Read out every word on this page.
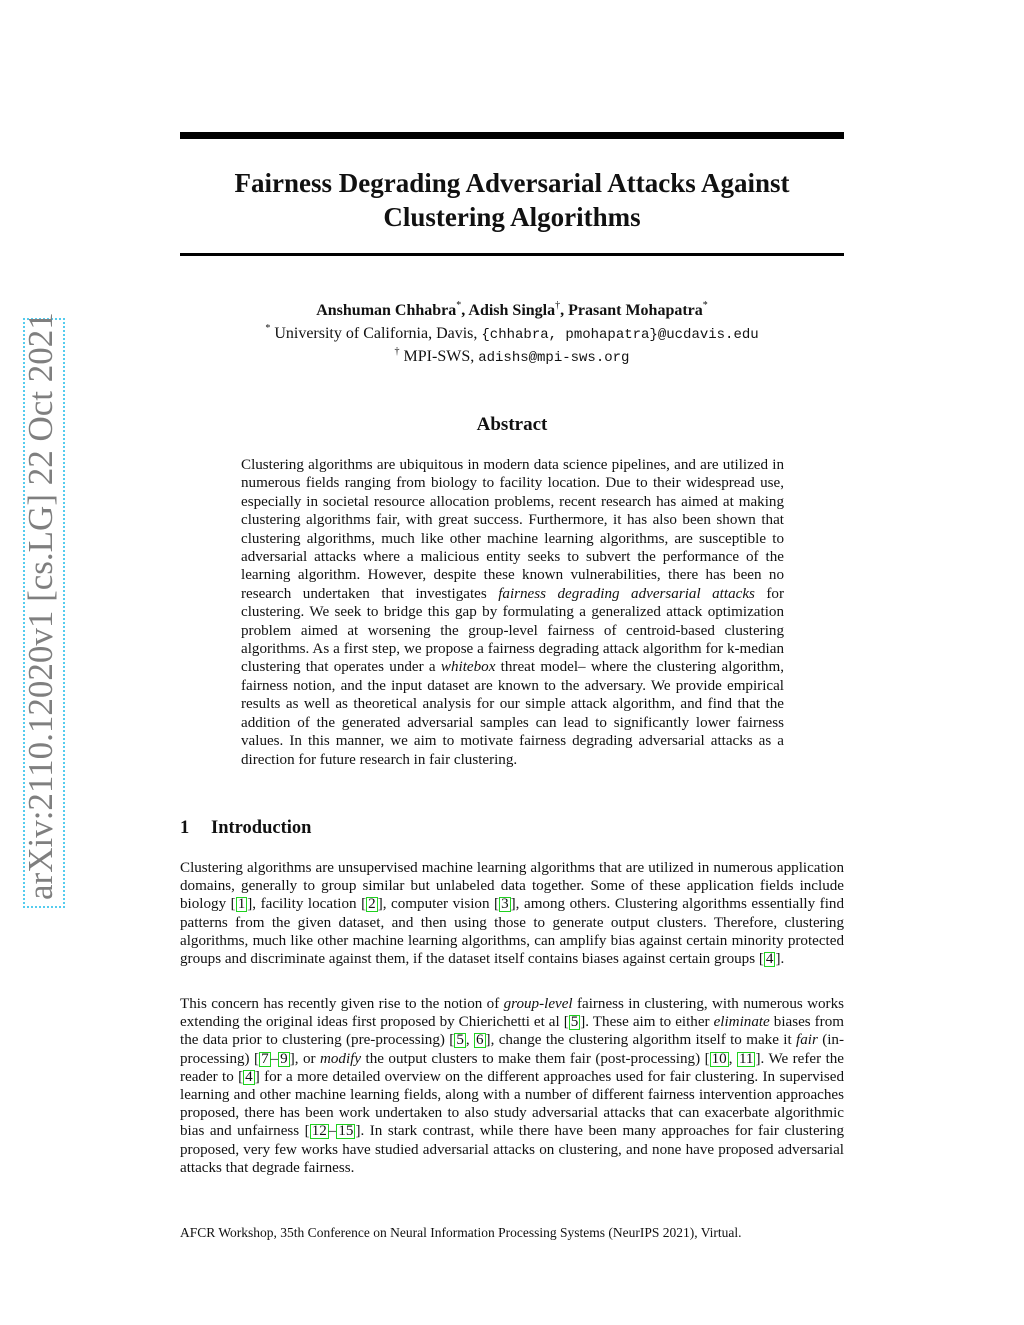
Fairness Degrading Adversarial Attacks Against
Clustering Algorithms
Anshuman Chhabra*, Adish Singla†, Prasant Mohapatra*
* University of California, Davis, {chhabra, pmohapatra}@ucdavis.edu
† MPI-SWS, adishs@mpi-sws.org
Abstract

Clustering algorithms are ubiquitous in modern data science pipelines, and are utilized in numerous fields ranging from biology to facility location. Due to their widespread use, especially in societal resource allocation problems, recent research has aimed at making clustering algorithms fair, with great success. Furthermore, it has also been shown that clustering algorithms, much like other machine learning algorithms, are susceptible to adversarial attacks where a malicious entity seeks to subvert the performance of the learning algorithm. However, despite these known vulnerabilities, there has been no research undertaken that investigates fairness degrading adversarial attacks for clustering. We seek to bridge this gap by formulating a generalized attack optimization problem aimed at worsening the group-level fairness of centroid-based clustering algorithms. As a first step, we propose a fairness degrading attack algorithm for k-median clustering that operates under a whitebox threat model– where the clustering algorithm, fairness notion, and the input dataset are known to the adversary. We provide empirical results as well as theoretical analysis for our simple attack algorithm, and find that the addition of the generated adversarial samples can lead to significantly lower fairness values. In this manner, we aim to motivate fairness degrading adversarial attacks as a direction for future research in fair clustering.

1 Introduction

Clustering algorithms are unsupervised machine learning algorithms that are utilized in numerous application domains, generally to group similar but unlabeled data together. Some of these application fields include biology [ 1 ], facility location [ 2 ], computer vision [ 3 ], among others. Clustering algorithms essentially find patterns from the given dataset, and then using those to generate output clusters. Therefore, clustering algorithms, much like other machine learning algorithms, can amplify bias against certain minority protected groups and discriminate against them, if the dataset itself contains biases against certain groups [ 4 ].

This concern has recently given rise to the notion of group-level fairness in clustering, with numerous works extending the original ideas first proposed by Chierichetti et al [ 5 ]. These aim to either eliminate biases from the data prior to clustering (pre-processing) [ 5 , 6 ], change the clustering algorithm itself to make it fair (in-processing) [ 7 – 9 ], or modify the output clusters to make them fair (post-processing) [ 10 , 11 ]. We refer the reader to [ 4 ] for a more detailed overview on the different approaches used for fair clustering. In supervised learning and other machine learning fields, along with a number of different fairness intervention approaches proposed, there has been work undertaken to also study adversarial attacks that can exacerbate algorithmic bias and unfairness [ 12 – 15 ]. In stark contrast, while there have been many approaches for fair clustering proposed, very few works have studied adversarial attacks on clustering, and none have proposed adversarial attacks that degrade fairness.

AFCR Workshop, 35th Conference on Neural Information Processing Systems (NeurIPS 2021), Virtual.
arXiv:2110.12020v1 [cs.LG] 22 Oct 2021
